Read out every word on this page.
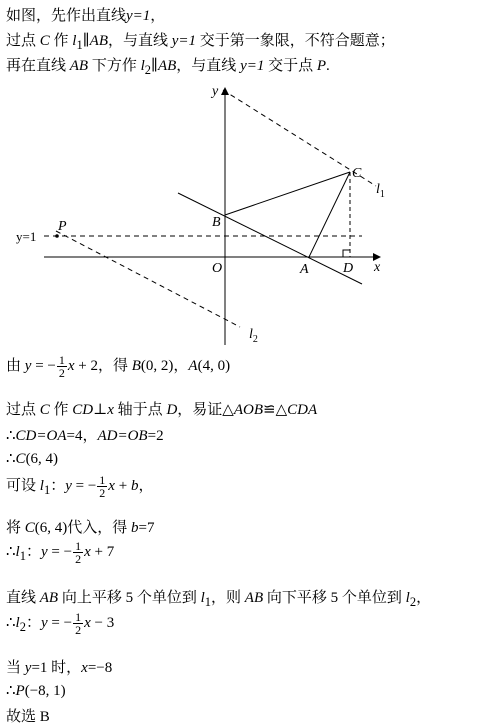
如图，先作出直线y=1，
过点 C 作 $l_1\parallel AB$，与直线 y=1 交于第一象限，不符合题意；
再在直线 AB 下方作 $l_2\parallel AB$，与直线 y=1 交于点 P.
y
x
O	A
B
C
D
P
y=1
$l_1$
$l_2$
由 y = − $\frac{1}{2}$ x + 2，得 B(0, 2)，A(4, 0)
过点 C 作 CD⊥x 轴于点 D，易证△AOB≌△CDA
∴CD=OA=4，AD=OB=2
∴C(6, 4)
可设 $l_1$：y = − $\frac{1}{2}$ x + b，
将 C(6, 4)代入，得 b=7
$\therefore l_1$：y = − $\frac{1}{2}$ x + 7
直线 AB 向上平移 5 个单位到 $l_1$，则 AB 向下平移 5 个单位到 $l_2$，
$\therefore l_2$：y = − $\frac{1}{2}$ x − 3
当 y=1 时，x=−8
∴P(−8, 1)
故选 B
